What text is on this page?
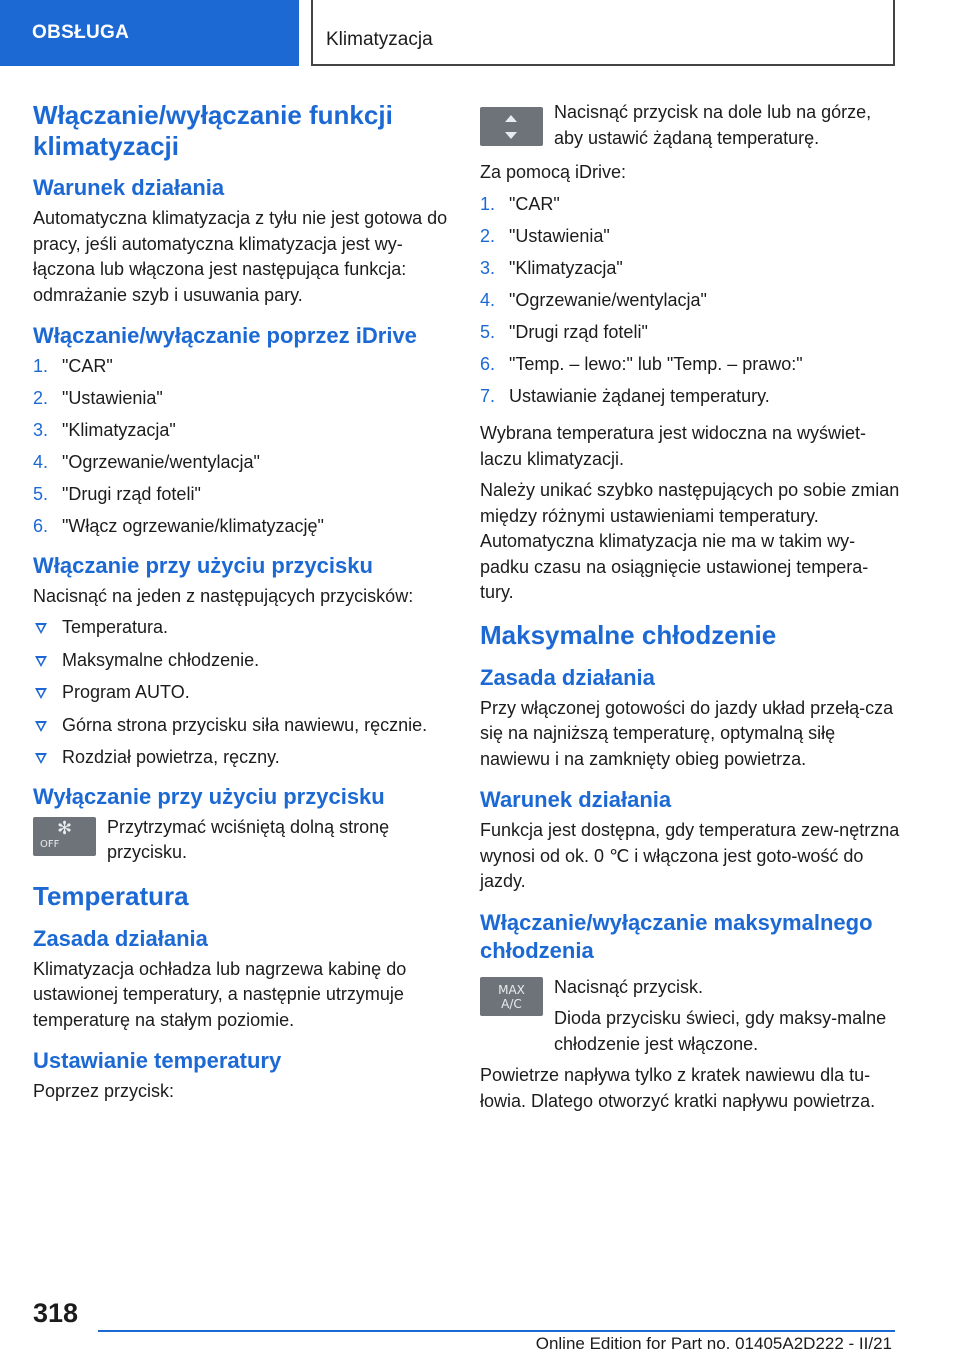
OBSŁUGA	Klimatyzacja
Włączanie/wyłączanie funkcji klimatyzacji
Warunek działania

Automatyczna klimatyzacja z tyłu nie jest gotowa do pracy, jeśli automatyczna klimatyzacja jest wy-łączona lub włączona jest następująca funkcja: odmrażanie szyb i usuwania pary.

Włączanie/wyłączanie poprzez iDrive
1. "CAR"
2. "Ustawienia"
3. "Klimatyzacja"
4. "Ogrzewanie/wentylacja"
5. "Drugi rząd foteli"
6. "Włącz ogrzewanie/klimatyzację"
Włączanie przy użyciu przycisku

Nacisnąć na jeden z następujących przycisków:

Temperatura.
Maksymalne chłodzenie.
Program AUTO.
Górna strona przycisku siła nawiewu, ręcznie.
Rozdział powietrza, ręczny.
Wyłączanie przy użyciu przycisku
✻
OFF

Przytrzymać wciśniętą dolną stronę przycisku.

Temperatura
Zasada działania

Klimatyzacja ochładza lub nagrzewa kabinę do ustawionej temperatury, a następnie utrzymuje temperaturę na stałym poziomie.

Ustawianie temperatury

Poprzez przycisk:

Nacisnąć przycisk na dole lub na górze, aby ustawić żądaną temperaturę.

Za pomocą iDrive:

1. "CAR"
2. "Ustawienia"
3. "Klimatyzacja"
4. "Ogrzewanie/wentylacja"
5. "Drugi rząd foteli"
6. "Temp. – lewo:" lub "Temp. – prawo:"
7. Ustawianie żądanej temperatury.

Wybrana temperatura jest widoczna na wyświet-laczu klimatyzacji.

Należy unikać szybko następujących po sobie zmian między różnymi ustawieniami temperatury. Automatyczna klimatyzacja nie ma w takim wy-padku czasu na osiągnięcie ustawionej tempera-tury.

Maksymalne chłodzenie
Zasada działania

Przy włączonej gotowości do jazdy układ przełą-cza się na najniższą temperaturę, optymalną siłę nawiewu i na zamknięty obieg powietrza.

Warunek działania

Funkcja jest dostępna, gdy temperatura zew-nętrzna wynosi od ok. 0 ℃ i włączona jest goto-wość do jazdy.

Włączanie/wyłączanie maksymalnego chłodzenia
MAX
A/C

Nacisnąć przycisk.

Dioda przycisku świeci, gdy maksy-malne chłodzenie jest włączone.

Powietrze napływa tylko z kratek nawiewu dla tu-łowia. Dlatego otworzyć kratki napływu powietrza.

318
Online Edition for Part no. 01405A2D222 - II/21
